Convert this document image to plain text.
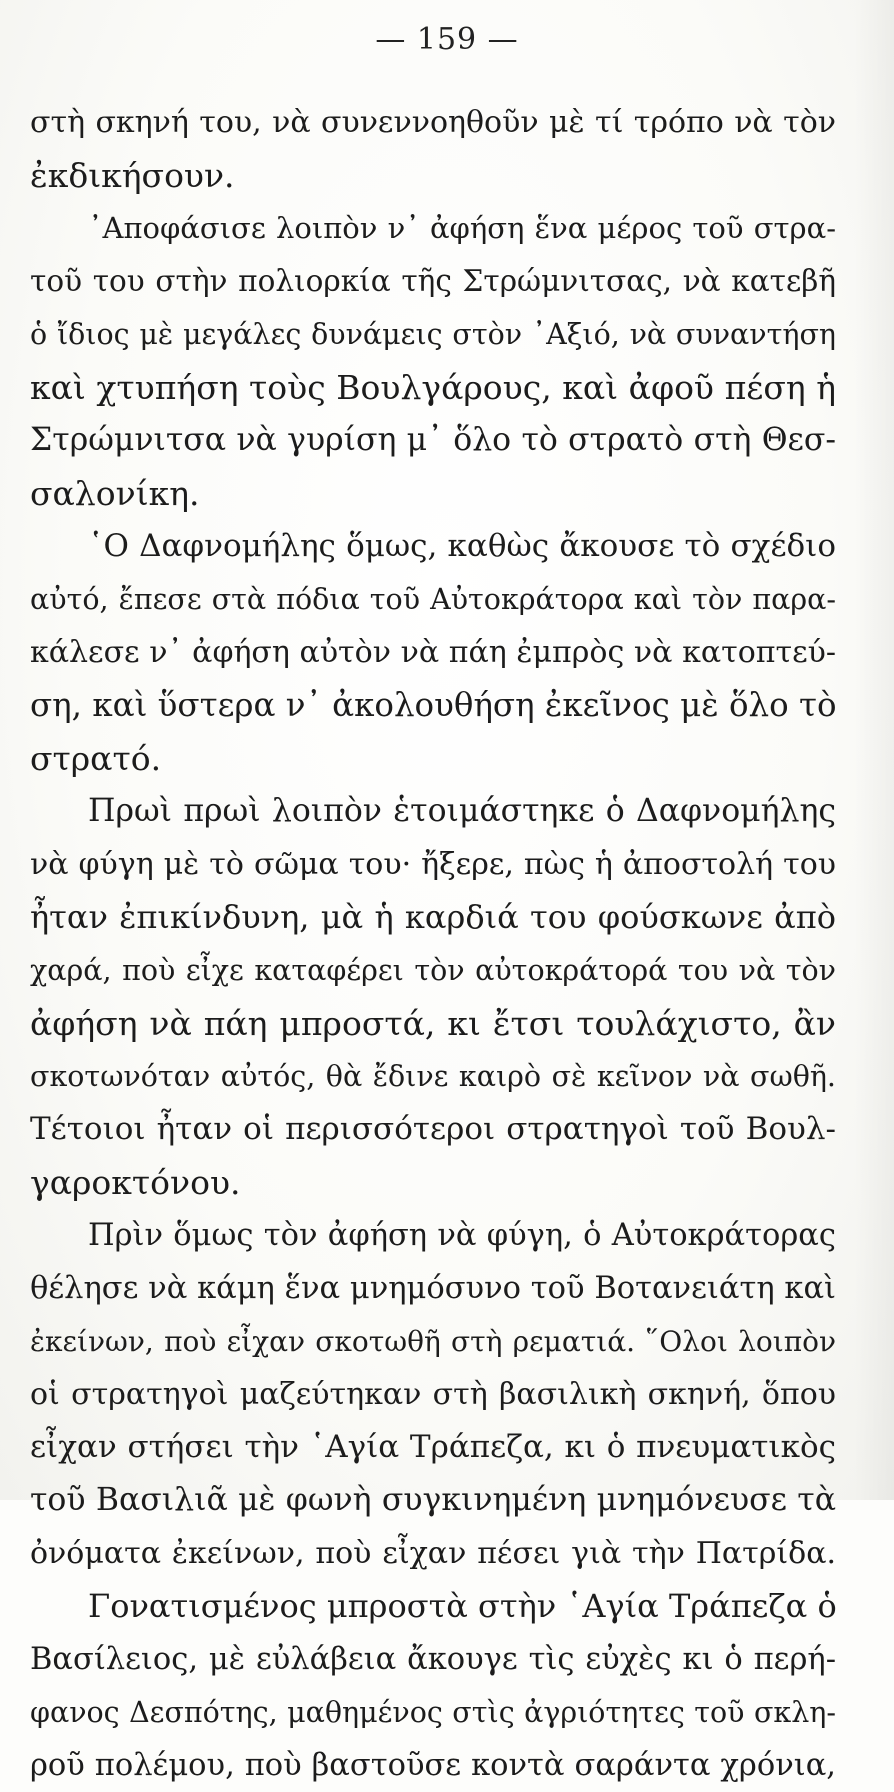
— 159 —
στὴ σκηνή του, νὰ συνεννοηθοῦν μὲ τί τρόπο νὰ τὸν
ἐκδικήσουν.
᾿Αποφάσισε λοιπὸν ν᾿ ἀφήση ἕνα μέρος τοῦ στρα-
τοῦ του στὴν πολιορκία τῆς Στρώμνιτσας, νὰ κατεβῆ
ὁ ἴδιος μὲ μεγάλες δυνάμεις στὸν ᾿Αξιό, νὰ συναντήση
καὶ χτυπήση τοὺς Βουλγάρους, καὶ ἀφοῦ πέση ἡ
Στρώμνιτσα νὰ γυρίση μ᾿ ὅλο τὸ στρατὸ στὴ Θεσ-
σαλονίκη.
῾Ο Δαφνομήλης ὅμως, καθὼς ἄκουσε τὸ σχέδιο
αὐτό, ἔπεσε στὰ πόδια τοῦ Αὐτοκράτορα καὶ τὸν παρα-
κάλεσε ν᾿ ἀφήση αὐτὸν νὰ πάη ἐμπρὸς νὰ κατοπτεύ-
ση, καὶ ὕστερα ν᾿ ἀκολουθήση ἐκεῖνος μὲ ὅλο τὸ
στρατό.
Πρωὶ πρωὶ λοιπὸν ἑτοιμάστηκε ὁ Δαφνομήλης
νὰ φύγη μὲ τὸ σῶμα του· ἤξερε, πὼς ἡ ἀποστολή του
ἦταν ἐπικίνδυνη, μὰ ἡ καρδιά του φούσκωνε ἀπὸ
χαρά, ποὺ εἶχε καταφέρει τὸν αὐτοκράτορά του νὰ τὸν
ἀφήση νὰ πάη μπροστά, κι ἔτσι τουλάχιστο, ἂν
σκοτωνόταν αὐτός, θὰ ἔδινε καιρὸ σὲ κεῖνον νὰ σωθῆ.
Τέτοιοι ἦταν οἱ περισσότεροι στρατηγοὶ τοῦ Βουλ-
γαροκτόνου.
Πρὶν ὅμως τὸν ἀφήση νὰ φύγη, ὁ Αὐτοκράτορας
θέλησε νὰ κάμη ἕνα μνημόσυνο τοῦ Βοτανειάτη καὶ
ἐκείνων, ποὺ εἶχαν σκοτωθῆ στὴ ρεματιά. ῞Ολοι λοιπὸν
οἱ στρατηγοὶ μαζεύτηκαν στὴ βασιλικὴ σκηνή, ὅπου
εἶχαν στήσει τὴν ῾Αγία Τράπεζα, κι ὁ πνευματικὸς
τοῦ Βασιλιᾶ μὲ φωνὴ συγκινημένη μνημόνευσε τὰ
ὀνόματα ἐκείνων, ποὺ εἶχαν πέσει γιὰ τὴν Πατρίδα.
Γονατισμένος μπροστὰ στὴν ῾Αγία Τράπεζα ὁ
Βασίλειος, μὲ εὐλάβεια ἄκουγε τὶς εὐχὲς κι ὁ περή-
φανος Δεσπότης, μαθημένος στὶς ἀγριότητες τοῦ σκλη-
ροῦ πολέμου, ποὺ βαστοῦσε κοντὰ σαράντα χρόνια,
